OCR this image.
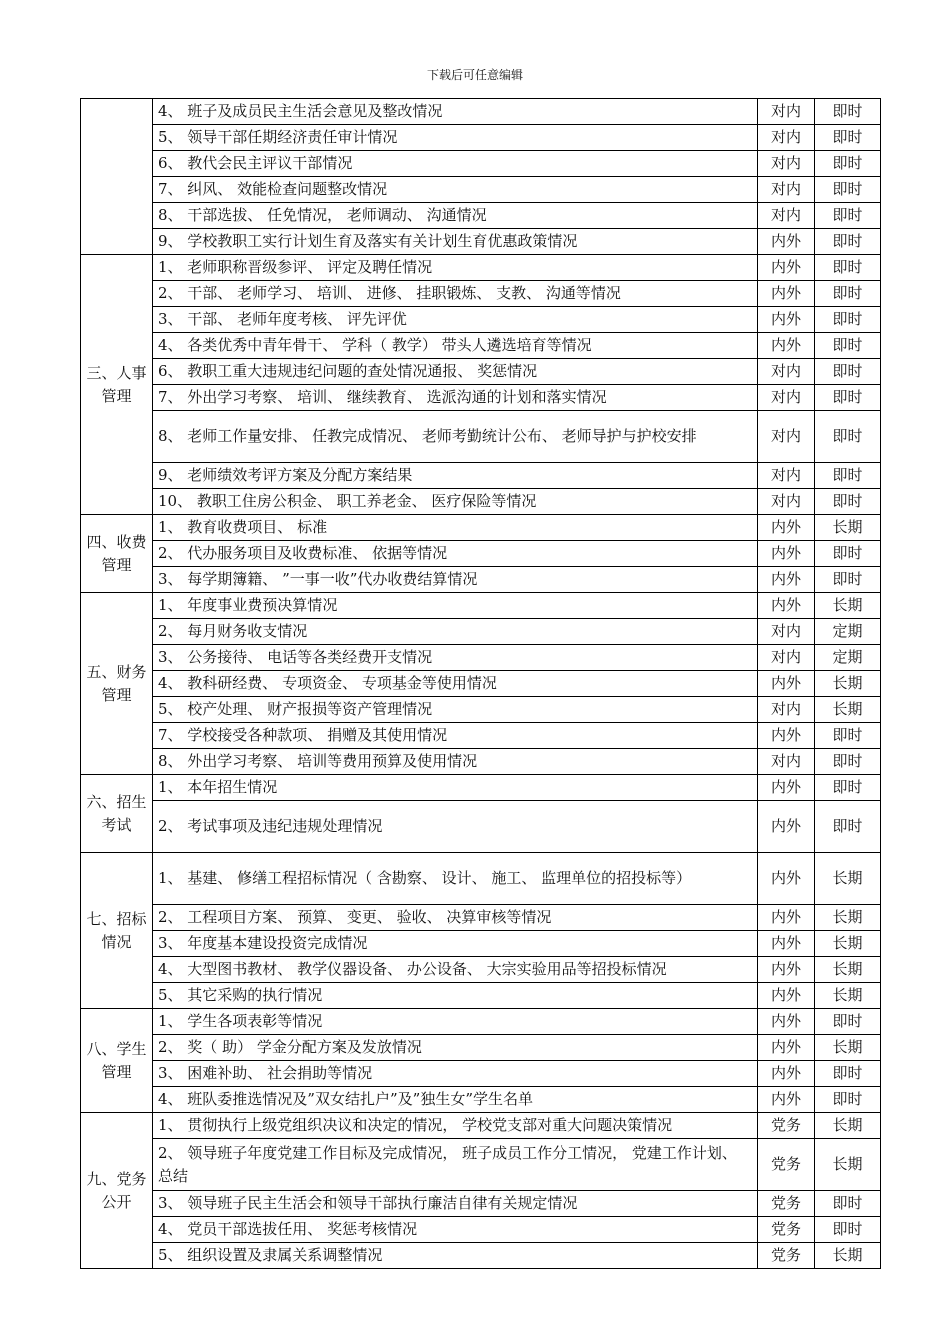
下载后可任意编辑
	4、 班子及成员民主生活会意见及整改情况	对内	即时
	5、 领导干部任期经济责任审计情况	对内	即时
	6、 教代会民主评议干部情况	对内	即时
	7、 纠风、 效能检查问题整改情况	对内	即时
	8、 干部选拔、 任免情况， 老师调动、 沟通情况	对内	即时
	9、 学校教职工实行计划生育及落实有关计划生育优惠政策情况	内外	即时
三、人事管理	1、 老师职称晋级参评、 评定及聘任情况	内外	即时
	2、 干部、 老师学习、 培训、 进修、 挂职锻炼、 支教、 沟通等情况	内外	即时
	3、 干部、 老师年度考核、 评先评优	内外	即时
	4、 各类优秀中青年骨干、 学科（ 教学） 带头人遴选培育等情况	内外	即时
	6、 教职工重大违规违纪问题的查处情况通报、 奖惩情况	对内	即时
	7、 外出学习考察、 培训、 继续教育、 选派沟通的计划和落实情况	对内	即时
	8、 老师工作量安排、 任教完成情况、 老师考勤统计公布、 老师导护与护校安排	对内	即时
	9、 老师绩效考评方案及分配方案结果	对内	即时
	10、 教职工住房公积金、 职工养老金、 医疗保险等情况	对内	即时
四、收费管理	1、 教育收费项目、 标准	内外	长期
	2、 代办服务项目及收费标准、 依据等情况	内外	即时
	3、 每学期簿籍、 ”一事一收”代办收费结算情况	内外	即时
五、财务管理	1、 年度事业费预决算情况	内外	长期
	2、 每月财务收支情况	对内	定期
	3、 公务接待、 电话等各类经费开支情况	对内	定期
	4、 教科研经费、 专项资金、 专项基金等使用情况	内外	长期
	5、 校产处理、 财产报损等资产管理情况	对内	长期
	7、 学校接受各种款项、 捐赠及其使用情况	内外	即时
	8、 外出学习考察、 培训等费用预算及使用情况	对内	即时
六、招生考试	1、 本年招生情况	内外	即时
	2、 考试事项及违纪违规处理情况	内外	即时
七、招标情况	1、 基建、 修缮工程招标情况（ 含勘察、 设计、 施工、 监理单位的招投标等）	内外	长期
	2、 工程项目方案、 预算、 变更、 验收、 决算审核等情况	内外	长期
	3、 年度基本建设投资完成情况	内外	长期
	4、 大型图书教材、 教学仪器设备、 办公设备、 大宗实验用品等招投标情况	内外	长期
	5、 其它采购的执行情况	内外	长期
八、学生管理	1、 学生各项表彰等情况	内外	即时
	2、 奖（ 助） 学金分配方案及发放情况	内外	长期
	3、 困难补助、 社会捐助等情况	内外	即时
	4、 班队委推选情况及”双女结扎户”及”独生女”学生名单	内外	即时
九、党务公开	1、 贯彻执行上级党组织决议和决定的情况， 学校党支部对重大问题决策情况	党务	长期
	2、 领导班子年度党建工作目标及完成情况， 班子成员工作分工情况， 党建工作计划、 总结	党务	长期
	3、 领导班子民主生活会和领导干部执行廉洁自律有关规定情况	党务	即时
	4、 党员干部选拔任用、 奖惩考核情况	党务	即时
	5、 组织设置及隶属关系调整情况	党务	长期
